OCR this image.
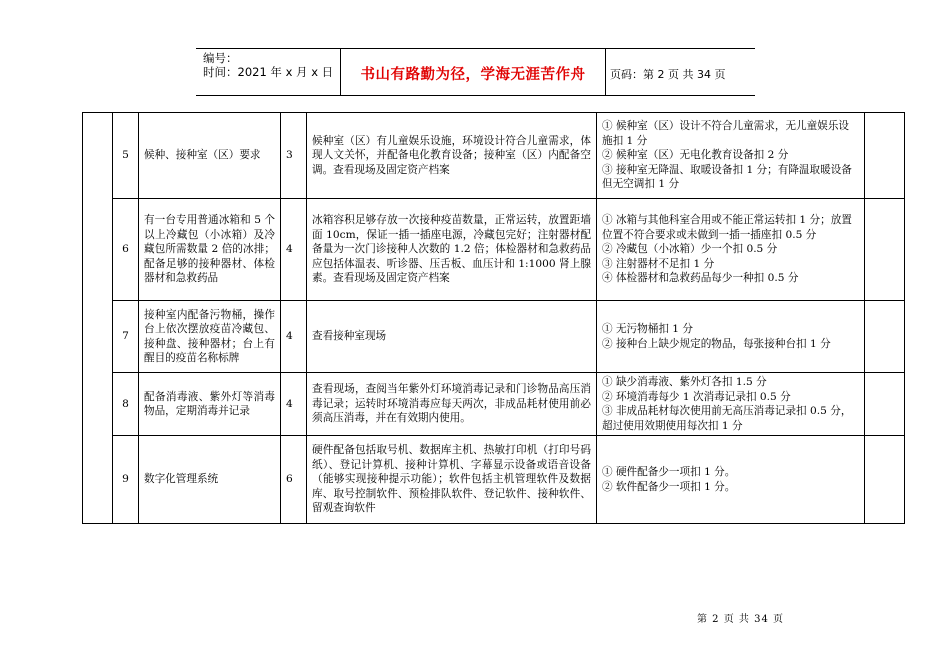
编号：
时间：2021 年 x 月 x 日	书山有路勤为径，学海无涯苦作舟	页码：第 2 页 共 34 页
	5	候种、接种室（区）要求	3	候种室（区）有儿童娱乐设施，环境设计符合儿童需求，体现人文关怀，并配备电化教育设备；接种室（区）内配备空调。查看现场及固定资产档案	① 候种室（区）设计不符合儿童需求，无儿童娱乐设施扣 1 分
② 候种室（区）无电化教育设备扣 2 分
③ 接种室无降温、取暖设备扣 1 分；有降温取暖设备但无空调扣 1 分	

	6	有一台专用普通冰箱和 5 个以上冷藏包（小冰箱）及冷藏包所需数量 2 倍的冰排；配备足够的接种器材、体检器材和急救药品	4	冰箱容积足够存放一次接种疫苗数量，正常运转，放置距墙面 10cm，保证一插一插座电源，冷藏包完好；注射器材配备量为一次门诊接种人次数的 1.2 倍；体检器材和急救药品应包括体温表、听诊器、压舌板、血压计和 1:1000 肾上腺素。查看现场及固定资产档案	① 冰箱与其他科室合用或不能正常运转扣 1 分；放置位置不符合要求或未做到一插一插座扣 0.5 分
② 冷藏包（小冰箱）少一个扣 0.5 分
③ 注射器材不足扣 1 分
④ 体检器材和急救药品每少一种扣 0.5 分	

	7	接种室内配备污物桶，操作台上依次摆放疫苗冷藏包、接种盘、接种器材；台上有醒目的疫苗名称标牌	4	查看接种室现场	① 无污物桶扣 1 分
② 接种台上缺少规定的物品，每张接种台扣 1 分	

	8	配备消毒液、紫外灯等消毒物品，定期消毒并记录	4	查看现场，查阅当年紫外灯环境消毒记录和门诊物品高压消毒记录；运转时环境消毒应每天两次，非成品耗材使用前必须高压消毒，并在有效期内使用。	① 缺少消毒液、紫外灯各扣 1.5 分
② 环境消毒每少 1 次消毒记录扣 0.5 分
③ 非成品耗材每次使用前无高压消毒记录扣 0.5 分，超过使用效期使用每次扣 1 分	

	9	数字化管理系统	6	硬件配备包括取号机、数据库主机、热敏打印机（打印号码纸）、登记计算机、接种计算机、字幕显示设备或语音设备（能够实现接种提示功能）；软件包括主机管理软件及数据库、取号控制软件、预检排队软件、登记软件、接种软件、留观查询软件	① 硬件配备少一项扣 1 分。
② 软件配备少一项扣 1 分。	

第 2 页 共 34 页
